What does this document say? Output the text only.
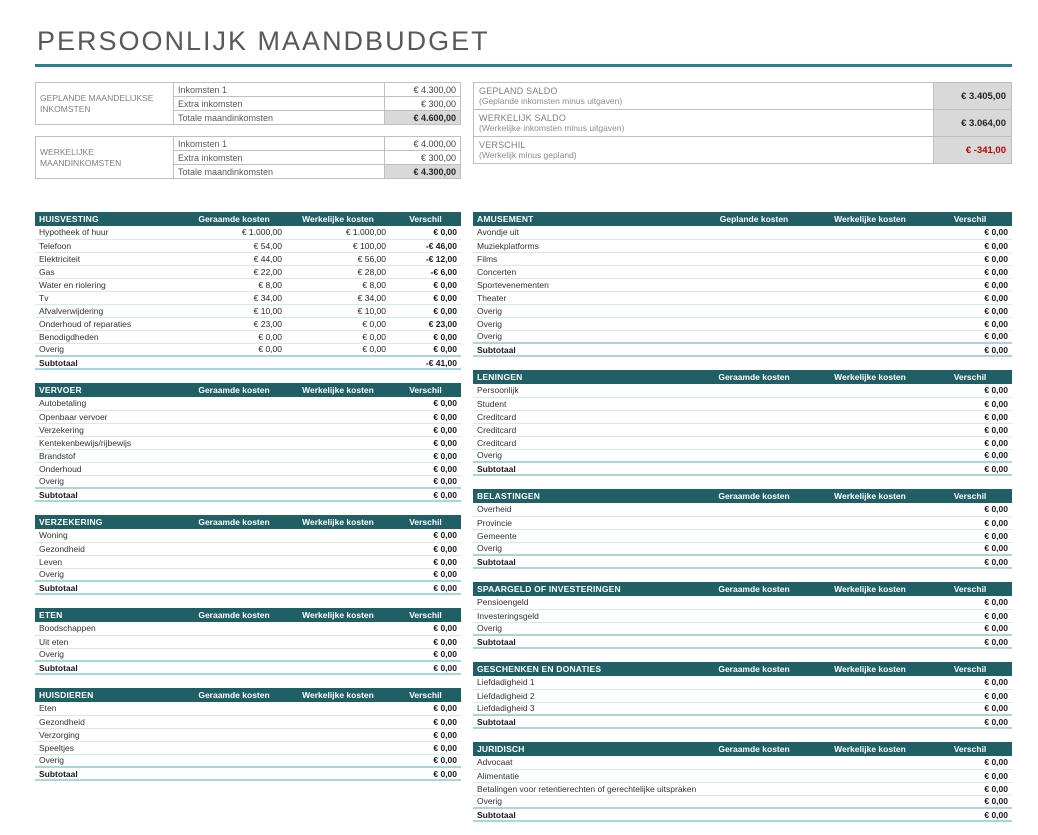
PERSOONLIJK MAANDBUDGET
GEPLANDE MAANDELIJKSE INKOMSTEN	Inkomsten 1	€ 4.300,00
	Extra inkomsten	€ 300,00
	Totale maandinkomsten	€ 4.600,00
WERKELIJKE MAANDINKOMSTEN	Inkomsten 1	€ 4.000,00
	Extra inkomsten	€ 300,00
	Totale maandinkomsten	€ 4.300,00
GEPLAND SALDO
(Geplande inkomsten minus uitgaven)	€ 3.405,00

WERKELIJK SALDO
(Werkelijke inkomsten minus uitgaven)	€ 3.064,00

VERSCHIL
(Werkelijk minus gepland)	€ -341,00
HUISVESTING	Geraamde kosten	Werkelijke kosten	Verschil
Hypotheek of huur	€ 1.000,00	€ 1.000,00	€ 0,00
Telefoon	€ 54,00	€ 100,00	-€ 46,00
Elektriciteit	€ 44,00	€ 56,00	-€ 12,00
Gas	€ 22,00	€ 28,00	-€ 6,00
Water en riolering	€ 8,00	€ 8,00	€ 0,00
Tv	€ 34,00	€ 34,00	€ 0,00
Afvalverwijdering	€ 10,00	€ 10,00	€ 0,00
Onderhoud of reparaties	€ 23,00	€ 0,00	€ 23,00
Benodigdheden	€ 0,00	€ 0,00	€ 0,00
Overig	€ 0,00	€ 0,00	€ 0,00
Subtotaal			-€ 41,00
VERVOER	Geraamde kosten	Werkelijke kosten	Verschil
Autobetaling			€ 0,00
Openbaar vervoer			€ 0,00
Verzekering			€ 0,00
Kentekenbewijs/rijbewijs			€ 0,00
Brandstof			€ 0,00
Onderhoud			€ 0,00
Overig			€ 0,00
Subtotaal			€ 0,00
VERZEKERING	Geraamde kosten	Werkelijke kosten	Verschil
Woning			€ 0,00
Gezondheid			€ 0,00
Leven			€ 0,00
Overig			€ 0,00
Subtotaal			€ 0,00
ETEN	Geraamde kosten	Werkelijke kosten	Verschil
Boodschappen			€ 0,00
Uit eten			€ 0,00
Overig			€ 0,00
Subtotaal			€ 0,00
HUISDIEREN	Geraamde kosten	Werkelijke kosten	Verschil
Eten			€ 0,00
Gezondheid			€ 0,00
Verzorging			€ 0,00
Speeltjes			€ 0,00
Overig			€ 0,00
Subtotaal			€ 0,00
AMUSEMENT	Geplande kosten	Werkelijke kosten	Verschil
Avondje uit			€ 0,00
Muziekplatforms			€ 0,00
Films			€ 0,00
Concerten			€ 0,00
Sportevenementen			€ 0,00
Theater			€ 0,00
Overig			€ 0,00
Overig			€ 0,00
Overig			€ 0,00
Subtotaal			€ 0,00
LENINGEN	Geraamde kosten	Werkelijke kosten	Verschil
Persoonlijk			€ 0,00
Student			€ 0,00
Creditcard			€ 0,00
Creditcard			€ 0,00
Creditcard			€ 0,00
Overig			€ 0,00
Subtotaal			€ 0,00
BELASTINGEN	Geraamde kosten	Werkelijke kosten	Verschil
Overheid			€ 0,00
Provincie			€ 0,00
Gemeente			€ 0,00
Overig			€ 0,00
Subtotaal			€ 0,00
SPAARGELD OF INVESTERINGEN	Geraamde kosten	Werkelijke kosten	Verschil
Pensioengeld			€ 0,00
Investeringsgeld			€ 0,00
Overig			€ 0,00
Subtotaal			€ 0,00
GESCHENKEN EN DONATIES	Geraamde kosten	Werkelijke kosten	Verschil
Liefdadigheid 1			€ 0,00
Liefdadigheid 2			€ 0,00
Liefdadigheid 3			€ 0,00
Subtotaal			€ 0,00
JURIDISCH	Geraamde kosten	Werkelijke kosten	Verschil
Advocaat			€ 0,00
Alimentatie			€ 0,00
Betalingen voor retentierechten of gerechtelijke uitspraken			€ 0,00
Overig			€ 0,00
Subtotaal			€ 0,00
